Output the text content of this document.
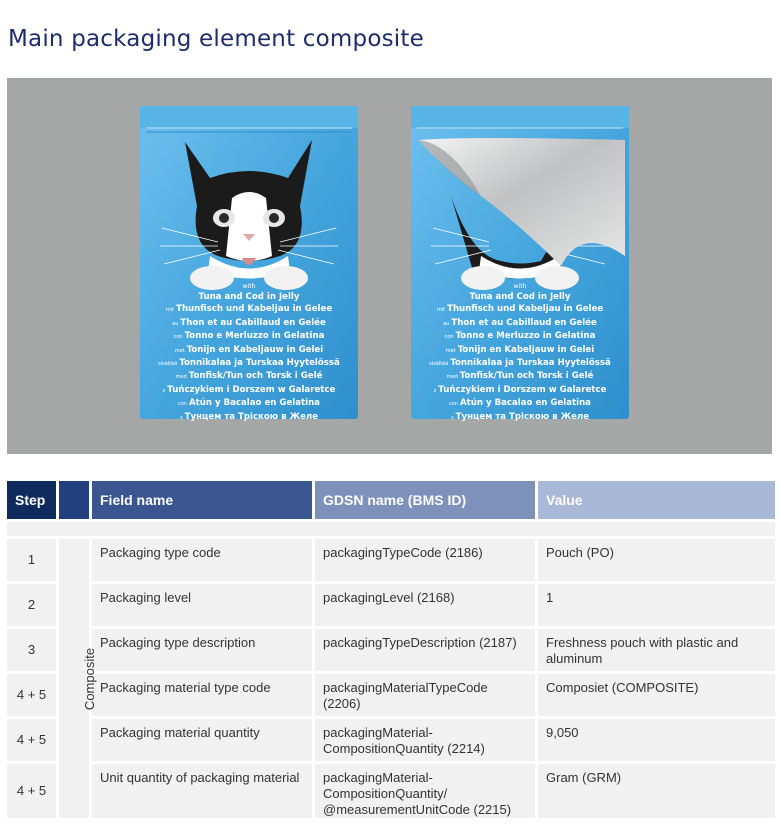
Main packaging element composite
with
Tuna and Cod in Jelly
mit Thunfisch und Kabeljau in Gelee
au Thon et au Cabillaud en Gelée
con Tonno e Merluzzo in Gelatina
met Tonijn en Kabeljauw in Gelei
sisältää Tonnikalaa ja Turskaa Hyytelössä
med Tonfisk/Tun och Torsk i Gelé
z Tuńczykiem i Dorszem w Galaretce
con Atún y Bacalao en Gelatina
з Тунцем та Тріскою в Желе
with
Tuna and Cod in Jelly
mit Thunfisch und Kabeljau in Gelee
au Thon et au Cabillaud en Gelée
con Tonno e Merluzzo in Gelatina
met Tonijn en Kabeljauw in Gelei
sisältää Tonnikalaa ja Turskaa Hyytelössä
med Tonfisk/Tun och Torsk i Gelé
z Tuńczykiem i Dorszem w Galaretce
con Atún y Bacalao en Gelatina
з Тунцем та Тріскою в Желе
Step		Field name	GDSN name (BMS ID)	Value

1	Composite	Packaging type code	packagingTypeCode (2186)	Pouch (PO)
2		Packaging level	packagingLevel (2168)	1
3		Packaging type description	packagingTypeDescription (2187)	Freshness pouch with plastic and aluminum
4 + 5		Packaging material type code	packagingMaterialTypeCode (2206)	Composiet (COMPOSITE)
4 + 5		Packaging material quantity	packagingMaterial-CompositionQuantity (2214)	9,050
4 + 5		Unit quantity of packaging material	packagingMaterial-CompositionQuantity/ @measurementUnitCode (2215)	Gram (GRM)
